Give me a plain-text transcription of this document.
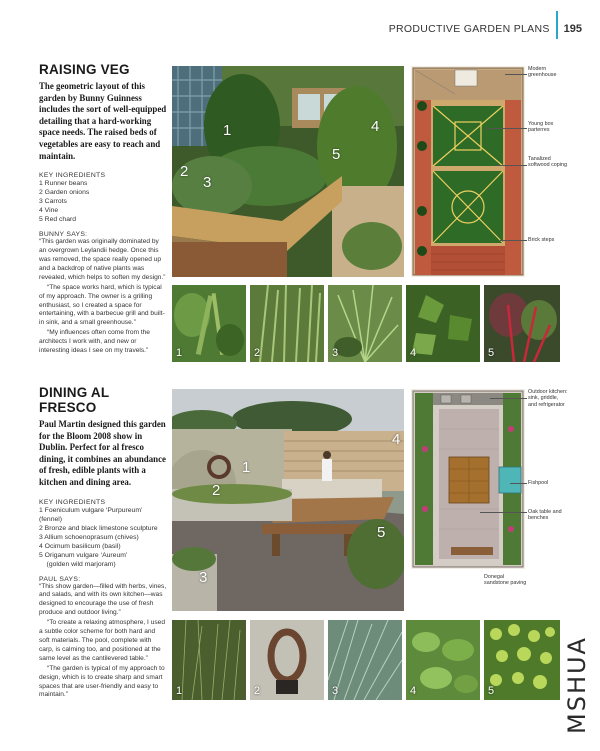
PRODUCTIVE GARDEN PLANS 195
RAISING VEG
The geometric layout of this garden by Bunny Guinness includes the sort of well-equipped detailing that a hard-working space needs. The raised beds of vegetables are easy to reach and maintain.
KEY INGREDIENTS
1 Runner beans
2 Garden onions
3 Carrots
4 Vine
5 Red chard
BUNNY SAYS:

“This garden was originally dominated by an overgrown Leylandii hedge. Once this was removed, the space really opened up and a backdrop of native plants was revealed, which helps to soften my design.”

“The space works hard, which is typical of my approach. The owner is a grilling enthusiast, so I created a space for entertaining, with a barbecue grill and built-in sink, and a small greenhouse.”

“My influences often come from the architects I work with, and new or interesting ideas I see on my travels.”

1
2
3
4
5
Modern greenhouse
Young box parterres
Tanalized softwood coping
Brick steps
1	2	3	4	5
DINING AL FRESCO
Paul Martin designed this garden for the Bloom 2008 show in Dublin. Perfect for al fresco dining, it combines an abundance of fresh, edible plants with a kitchen and dining area.
KEY INGREDIENTS
1 Foeniculum vulgare ‘Purpureum’ (fennel)
2 Bronze and black limestone sculpture
3 Allium schoenoprasum (chives)
4 Ocimum basilicum (basil)
5 Origanum vulgare ‘Aureum’
(golden wild marjoram)
PAUL SAYS:

“This show garden—filled with herbs, vines, and salads, and with its own kitchen—was designed to encourage the use of fresh produce and outdoor living.”

“To create a relaxing atmosphere, I used a subtle color scheme for both hard and soft materials. The pool, complete with carp, is calming too, and positioned at the same level as the cantilevered table.”

“The garden is typical of my approach to design, which is to create sharp and smart spaces that are user-friendly and easy to maintain.”

1
2
3
4
5
Outdoor kitchen: sink, griddle, and refrigerator
Fishpool
Oak table and benches
Donegal sandstone paving
1	2	3	4	5	MSHUA
